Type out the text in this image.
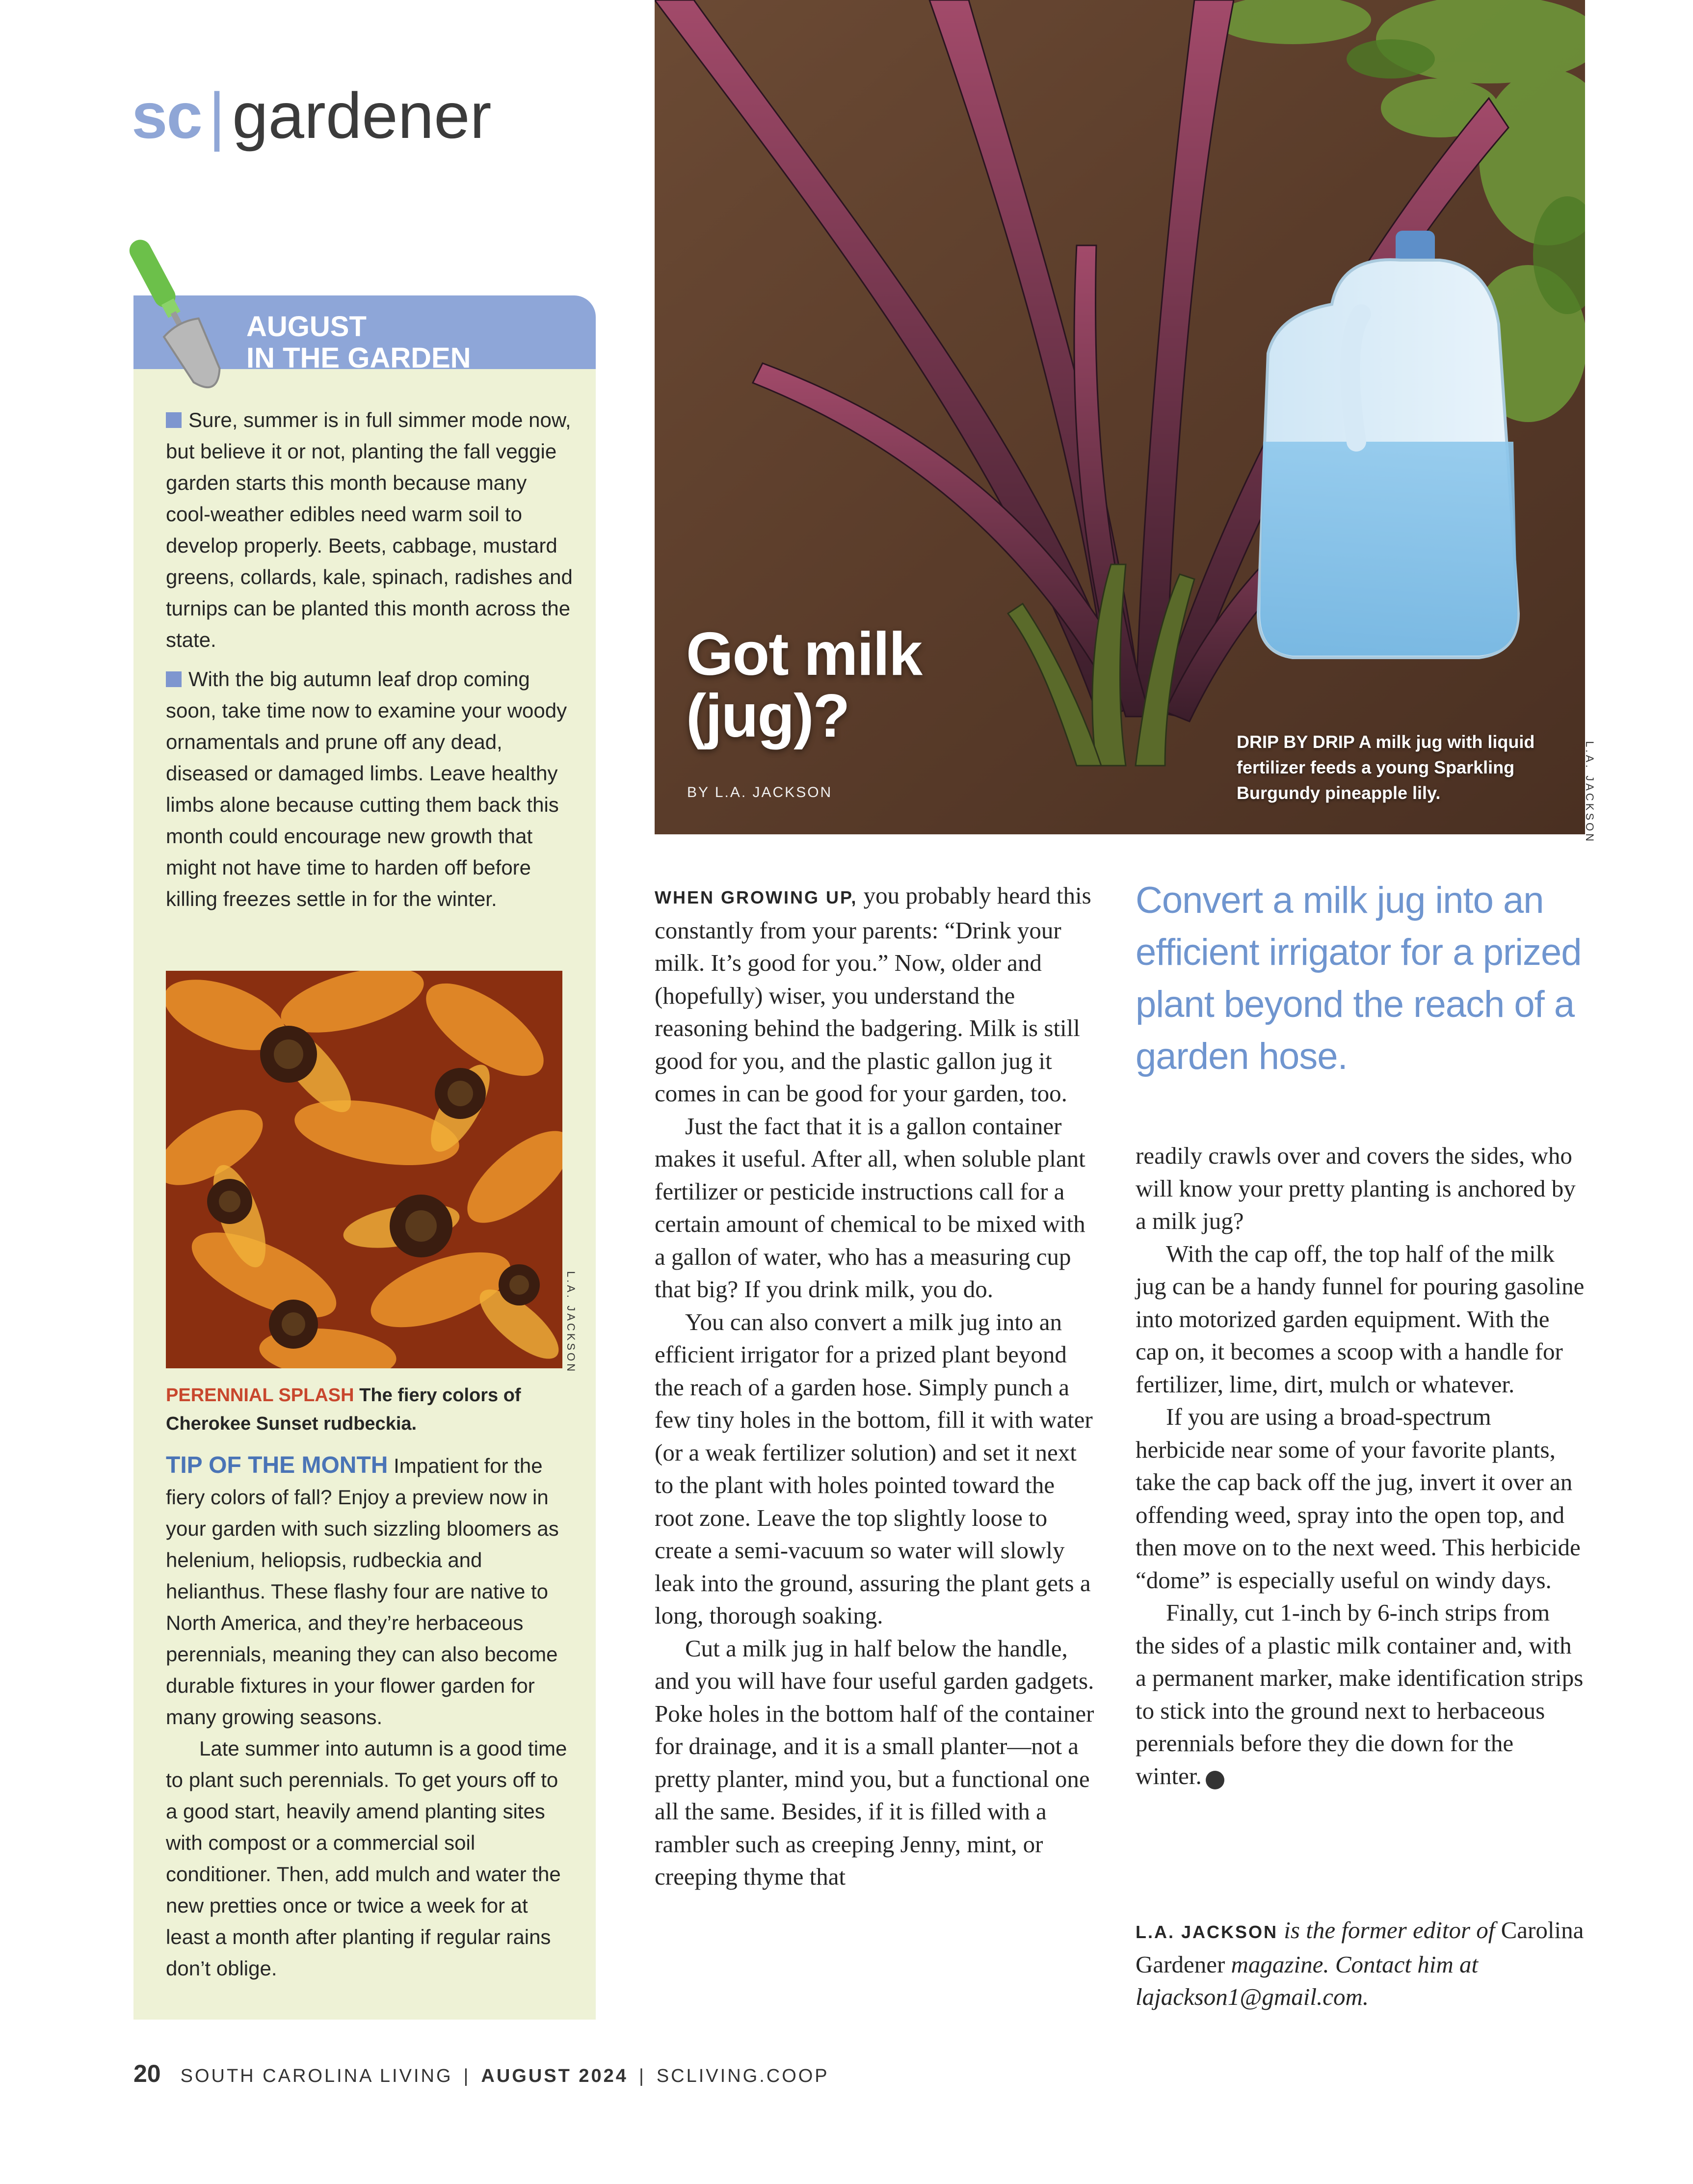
sc | gardener
AUGUST
IN THE GARDEN

Sure, summer is in full simmer mode now, but believe it or not, planting the fall veggie garden starts this month because many cool-weather edibles need warm soil to develop properly. Beets, cabbage, mustard greens, collards, kale, spinach, radishes and turnips can be planted this month across the state.

With the big autumn leaf drop coming soon, take time now to examine your woody ornamentals and prune off any dead, diseased or damaged limbs. Leave healthy limbs alone because cutting them back this month could encourage new growth that might not have time to harden off before killing freezes settle in for the winter.

L.A. JACKSON
PERENNIAL SPLASH The fiery colors of Cherokee Sunset rudbeckia.

TIP OF THE MONTH Impatient for the fiery colors of fall? Enjoy a preview now in your garden with such sizzling bloomers as helenium, heliopsis, rudbeckia and helianthus. These flashy four are native to North America, and they’re herbaceous perennials, meaning they can also become durable fixtures in your flower garden for many growing seasons.

Late summer into autumn is a good time to plant such perennials. To get yours off to a good start, heavily amend planting sites with compost or a commercial soil conditioner. Then, add mulch and water the new pretties once or twice a week for at least a month after planting if regular rains don’t oblige.

Got milk
(jug)?
BY L.A. JACKSON
DRIP BY DRIP A milk jug with liquid fertilizer feeds a young Sparkling Burgundy pineapple lily.	L.A. JACKSON
Convert a milk jug into an efficient irrigator for a prized plant beyond the reach of a garden hose.

WHEN GROWING UP, you probably heard this constantly from your parents: “Drink your milk. It’s good for you.” Now, older and (hopefully) wiser, you understand the reasoning behind the badgering. Milk is still good for you, and the plastic gallon jug it comes in can be good for your garden, too.

Just the fact that it is a gallon container makes it useful. After all, when soluble plant fertilizer or pesticide instructions call for a certain amount of chemical to be mixed with a gallon of water, who has a measuring cup that big? If you drink milk, you do.

You can also convert a milk jug into an efficient irrigator for a prized plant beyond the reach of a garden hose. Simply punch a few tiny holes in the bottom, fill it with water (or a weak fertilizer solution) and set it next to the plant with holes pointed toward the root zone. Leave the top slightly loose to create a semi-vacuum so water will slowly leak into the ground, assuring the plant gets a long, thorough soaking.

Cut a milk jug in half below the handle, and you will have four useful garden gadgets. Poke holes in the bottom half of the container for drainage, and it is a small planter—not a pretty planter, mind you, but a functional one all the same. Besides, if it is filled with a rambler such as creeping Jenny, mint, or creeping thyme that

readily crawls over and covers the sides, who will know your pretty planting is anchored by a milk jug?

With the cap off, the top half of the milk jug can be a handy funnel for pouring gasoline into motorized garden equipment. With the cap on, it becomes a scoop with a handle for fertilizer, lime, dirt, mulch or whatever.

If you are using a broad-spectrum herbicide near some of your favorite plants, take the cap back off the jug, invert it over an offending weed, spray into the open top, and then move on to the next weed. This herbicide “dome” is especially useful on windy days.

Finally, cut 1-inch by 6-inch strips from the sides of a plastic milk container and, with a permanent marker, make identification strips to stick into the ground next to herbaceous perennials before they die down for the winter.	SC

L.A. JACKSON is the former editor of Carolina Gardener magazine. Contact him at lajackson1@gmail.com.
20 SOUTH CAROLINA LIVING | AUGUST 2024 | SCLIVING.COOP
